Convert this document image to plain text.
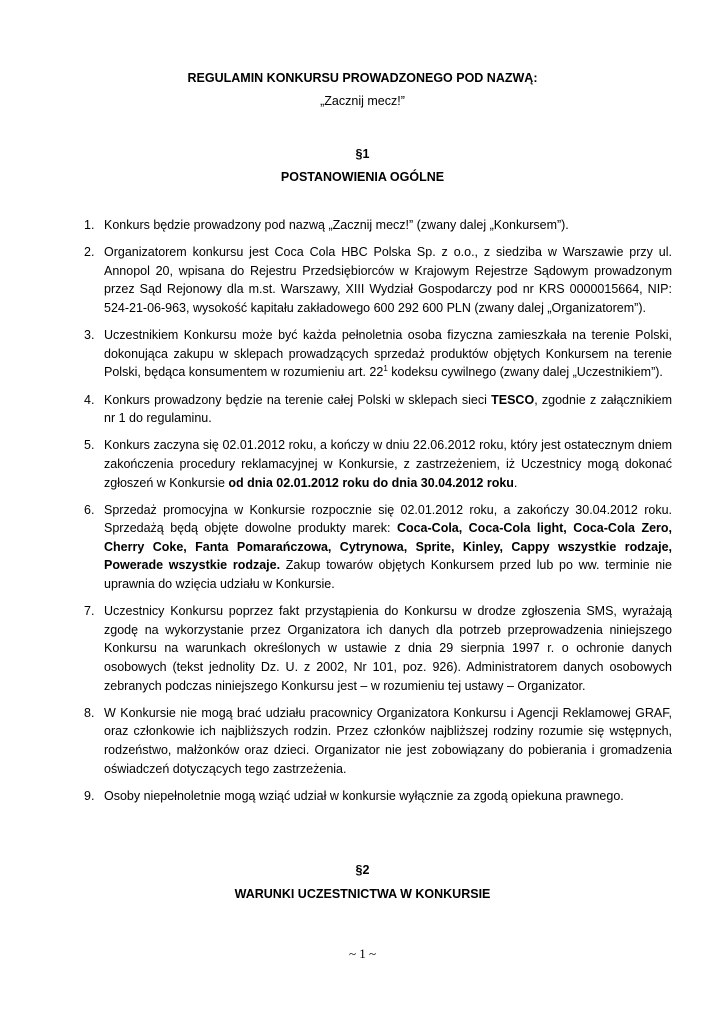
REGULAMIN KONKURSU PROWADZONEGO POD NAZWĄ:
„Zacznij mecz!”
§1
POSTANOWIENIA OGÓLNE
1. Konkurs będzie prowadzony pod nazwą „Zacznij mecz!” (zwany dalej „Konkursem”).
2. Organizatorem konkursu jest Coca Cola HBC Polska Sp. z o.o., z siedziba w Warszawie przy ul. Annopol 20, wpisana do Rejestru Przedsiębiorców w Krajowym Rejestrze Sądowym prowadzonym przez Sąd Rejonowy dla m.st. Warszawy, XIII Wydział Gospodarczy pod nr KRS 0000015664, NIP: 524-21-06-963, wysokość kapitału zakładowego 600 292 600 PLN (zwany dalej „Organizatorem”).
3. Uczestnikiem Konkursu może być każda pełnoletnia osoba fizyczna zamieszkała na terenie Polski, dokonująca zakupu w sklepach prowadzących sprzedaż produktów objętych Konkursem na terenie Polski, będąca konsumentem w rozumieniu art. $22^1$ kodeksu cywilnego (zwany dalej „Uczestnikiem”).
4. Konkurs prowadzony będzie na terenie całej Polski w sklepach sieci TESCO, zgodnie z załącznikiem nr 1 do regulaminu.
5. Konkurs zaczyna się 02.01.2012 roku, a kończy w dniu 22.06.2012 roku, który jest ostatecznym dniem zakończenia procedury reklamacyjnej w Konkursie, z zastrzeżeniem, iż Uczestnicy mogą dokonać zgłoszeń w Konkursie od dnia 02.01.2012 roku do dnia 30.04.2012 roku.
6. Sprzedaż promocyjna w Konkursie rozpocznie się 02.01.2012 roku, a zakończy 30.04.2012 roku. Sprzedażą będą objęte dowolne produkty marek: Coca-Cola, Coca-Cola light, Coca-Cola Zero, Cherry Coke, Fanta Pomarańczowa, Cytrynowa, Sprite, Kinley, Cappy wszystkie rodzaje, Powerade wszystkie rodzaje. Zakup towarów objętych Konkursem przed lub po ww. terminie nie uprawnia do wzięcia udziału w Konkursie.
7. Uczestnicy Konkursu poprzez fakt przystąpienia do Konkursu w drodze zgłoszenia SMS, wyrażają zgodę na wykorzystanie przez Organizatora ich danych dla potrzeb przeprowadzenia niniejszego Konkursu na warunkach określonych w ustawie z dnia 29 sierpnia 1997 r. o ochronie danych osobowych (tekst jednolity Dz. U. z 2002, Nr 101, poz. 926). Administratorem danych osobowych zebranych podczas niniejszego Konkursu jest – w rozumieniu tej ustawy – Organizator.
8. W Konkursie nie mogą brać udziału pracownicy Organizatora Konkursu i Agencji Reklamowej GRAF, oraz członkowie ich najbliższych rodzin. Przez członków najbliższej rodziny rozumie się wstępnych, rodzeństwo, małżonków oraz dzieci. Organizator nie jest zobowiązany do pobierania i gromadzenia oświadczeń dotyczących tego zastrzeżenia.
9. Osoby niepełnoletnie mogą wziąć udział w konkursie wyłącznie za zgodą opiekuna prawnego.
§2
WARUNKI UCZESTNICTWA W KONKURSIE
~ 1 ~
